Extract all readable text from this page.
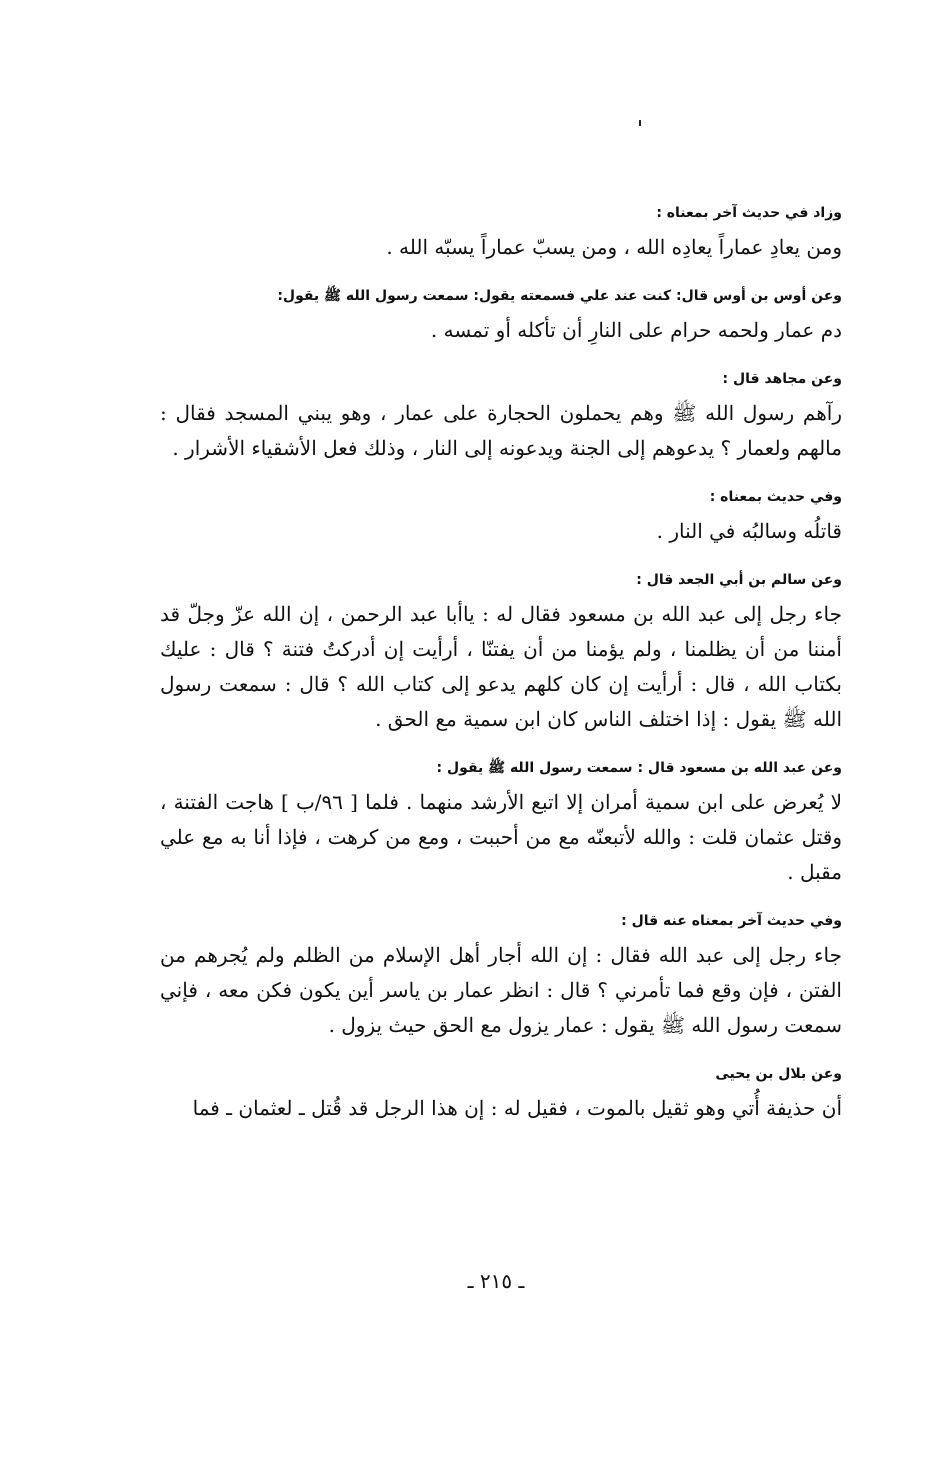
وزاد في حديث آخر بمعناه :
ومن يعادِ عماراً يعادِه الله ، ومن يسبّ عماراً يسبّه الله .
وعن أوس بن أوس قال: كنت عند علي فسمعته يقول: سمعت رسول الله ﷺ يقول:
دم عمار ولحمه حرام على النارِ أن تأكله أو تمسه .
وعن مجاهد قال :
رآهم رسول الله ﷺ وهم يحملون الحجارة على عمار ، وهو يبني المسجد فقال : مالهم ولعمار ؟ يدعوهم إلى الجنة ويدعونه إلى النار ، وذلك فعل الأشقياء الأشرار .
وفي حديث بمعناه :
قاتلُه وسالبُه في النار .
وعن سالم بن أبي الجعد قال :
جاء رجل إلى عبد الله بن مسعود فقال له : ياأبا عبد الرحمن ، إن الله عزّ وجلّ قد أمننا من أن يظلمنا ، ولم يؤمنا من أن يفتنّا ، أرأيت إن أدركتُ فتنة ؟ قال : عليك بكتاب الله ، قال : أرأيت إن كان كلهم يدعو إلى كتاب الله ؟ قال : سمعت رسول الله ﷺ يقول : إذا اختلف الناس كان ابن سمية مع الحق .
وعن عبد الله بن مسعود قال : سمعت رسول الله ﷺ يقول :
لا يُعرض على ابن سمية أمران إلا اتبع الأرشد منهما . فلما [ ٩٦/ب ] هاجت الفتنة ، وقتل عثمان قلت : والله لأتبعنّه مع من أحببت ، ومع من كرهت ، فإذا أنا به مع علي مقبل .
وفي حديث آخر بمعناه عنه قال :
جاء رجل إلى عبد الله فقال : إن الله أجار أهل الإسلام من الظلم ولم يُجرهم من الفتن ، فإن وقع فما تأمرني ؟ قال : انظر عمار بن ياسر أين يكون فكن معه ، فإني سمعت رسول الله ﷺ يقول : عمار يزول مع الحق حيث يزول .
وعن بلال بن يحيى
أن حذيفة أُتي وهو ثقيل بالموت ، فقيل له : إن هذا الرجل قد قُتل ـ لعثمان ـ فما
ـ ٢١٥ ـ
